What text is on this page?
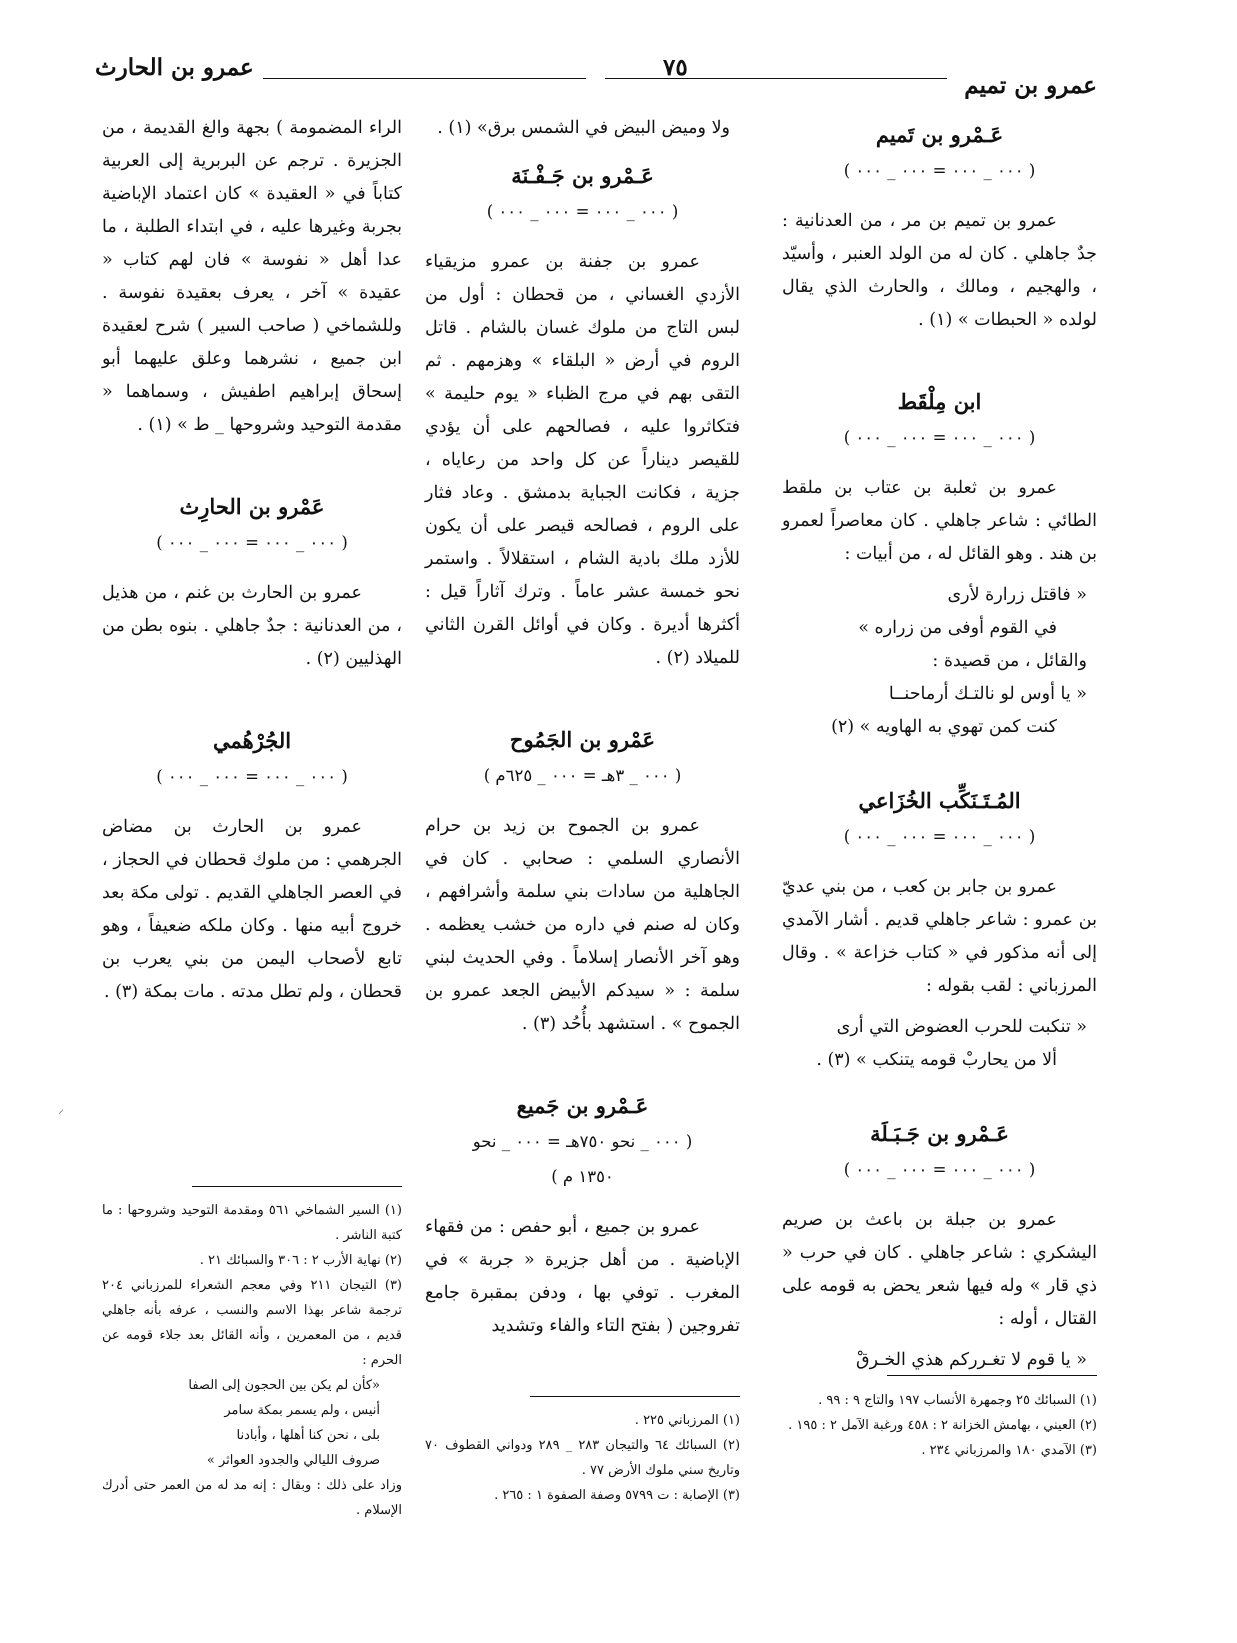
عمرو بن تميم
٧٥
عمرو بن الحارث
عَـمْرو بن تَميم
( ٠٠٠ _ ٠٠٠ = ٠٠٠ _ ٠٠٠ )

عمرو بن تميم بن مر ، من العدنانية : جدٌ جاهلي . كان له من الولد العنبر ، وأسيّد ، والهجيم ، ومالك ، والحارث الذي يقال لولده « الحبطات » (١) .

ابن مِلْقَط
( ٠٠٠ _ ٠٠٠ = ٠٠٠ _ ٠٠٠ )

عمرو بن ثعلبة بن عتاب بن ملقط الطائي : شاعر جاهلي . كان معاصراً لعمرو بن هند . وهو القائل له ، من أبيات :

« فاقتل زرارة لأرى

في القوم أوفى من زراره »

والقائل ، من قصيدة :

« يا أوس لو نالتـك أرماحنــا

كنت كمن تهوي به الهاويه » (٢)

المُـتَـنَكِّب الخُزَاعي
( ٠٠٠ _ ٠٠٠ = ٠٠٠ _ ٠٠٠ )

عمرو بن جابر بن كعب ، من بني عديّ بن عمرو : شاعر جاهلي قديم . أشار الآمدي إلى أنه مذكور في « كتاب خزاعة » . وقال المرزباني : لقب بقوله :

« تنكبت للحرب العضوض التي أرى

ألا من يحاربْ قومه يتنكب » (٣) .

عَـمْرو بن جَـبَـلَة
( ٠٠٠ _ ٠٠٠ = ٠٠٠ _ ٠٠٠ )

عمرو بن جبلة بن باعث بن صريم اليشكري : شاعر جاهلي . كان في حرب « ذي قار » وله فيها شعر يحض به قومه على القتال ، أوله :

« يا قوم لا تغـرركم هذي الخـرقْ

(١) السبائك ٢٥ وجمهرة الأنساب ١٩٧ والتاج ٩ : ٩٩ .

(٢) العيني ، بهامش الخزانة ٢ : ٤٥٨ ورغبة الآمل ٢ : ١٩٥ .

(٣) الآمدي ١٨٠ والمرزباني ٢٣٤ .

ولا وميض البيض في الشمس برق» (١) .

عَـمْرو بن جَـفْـنَة
( ٠٠٠ _ ٠٠٠ = ٠٠٠ _ ٠٠٠ )

عمرو بن جفنة بن عمرو مزيقياء الأزدي الغساني ، من قحطان : أول من لبس التاج من ملوك غسان بالشام . قاتل الروم في أرض « البلقاء » وهزمهم . ثم التقى بهم في مرج الظباء « يوم حليمة » فتكاثروا عليه ، فصالحهم على أن يؤدي للقيصر ديناراً عن كل واحد من رعاياه ، جزية ، فكانت الجباية بدمشق . وعاد فثار على الروم ، فصالحه قيصر على أن يكون للأزد ملك بادية الشام ، استقلالاً . واستمر نحو خمسة عشر عاماً . وترك آثاراً قيل : أكثرها أديرة . وكان في أوائل القرن الثاني للميلاد (٢) .

عَمْرو بن الجَمُوح
( ٠٠٠ _ ٣هـ = ٠٠٠ _ ٦٢٥م )

عمرو بن الجموح بن زيد بن حرام الأنصاري السلمي : صحابي . كان في الجاهلية من سادات بني سلمة وأشرافهم ، وكان له صنم في داره من خشب يعظمه . وهو آخر الأنصار إسلاماً . وفي الحديث لبني سلمة : « سيدكم الأبيض الجعد عمرو بن الجموح » . استشهد بأُحُد (٣) .

عَـمْرو بن جَميع
( ٠٠٠ _ نحو ٧٥٠هـ = ٠٠٠ _ نحو
١٣٥٠ م )

عمرو بن جميع ، أبو حفص : من فقهاء الإباضية . من أهل جزيرة « جربة » في المغرب . توفي بها ، ودفن بمقبرة جامع تفروجين ( بفتح التاء والفاء وتشديد

(١) المرزباني ٢٢٥ .

(٢) السبائك ٦٤ والتيجان ٢٨٣ _ ٢٨٩ ودواني القطوف ٧٠ وتاريخ سني ملوك الأرض ٧٧ .

(٣) الإصابة : ت ٥٧٩٩ وصفة الصفوة ١ : ٢٦٥ .

الراء المضمومة ) بجهة والغ القديمة ، من الجزيرة . ترجم عن البربرية إلى العربية كتاباً في « العقيدة » كان اعتماد الإباضية بجربة وغيرها عليه ، في ابتداء الطلبة ، ما عدا أهل « نفوسة » فان لهم كتاب « عقيدة » آخر ، يعرف بعقيدة نفوسة . وللشماخي ( صاحب السير ) شرح لعقيدة ابن جميع ، نشرهما وعلق عليهما أبو إسحاق إبراهيم اطفيش ، وسماهما « مقدمة التوحيد وشروحها _ ط » (١) .

عَمْرو بن الحارِث
( ٠٠٠ _ ٠٠٠ = ٠٠٠ _ ٠٠٠ )

عمرو بن الحارث بن غنم ، من هذيل ، من العدنانية : جدٌ جاهلي . بنوه بطن من الهذليين (٢) .

الجُرْهُمي
( ٠٠٠ _ ٠٠٠ = ٠٠٠ _ ٠٠٠ )

عمرو بن الحارث بن مضاض الجرهمي : من ملوك قحطان في الحجاز ، في العصر الجاهلي القديم . تولى مكة بعد خروج أبيه منها . وكان ملكه ضعيفاً ، وهو تابع لأصحاب اليمن من بني يعرب بن قحطان ، ولم تطل مدته . مات بمكة (٣) .

(١) السير الشماخي ٥٦١ ومقدمة التوحيد وشروحها : ما كتبة الناشر .

(٢) نهاية الأرب ٢ : ٣٠٦ والسبائك ٢١ .

(٣) التيجان ٢١١ وفي معجم الشعراء للمرزباني ٢٠٤ ترجمة شاعر بهذا الاسم والنسب ، عرفه بأنه جاهلي قديم ، من المعمرين ، وأنه القائل بعد جلاء قومه عن الحرم :

«كأن لم يكن بين الحجون إلى الصفا

أنيس ، ولم يسمر بمكة سامر

بلى ، نحن كنا أهلها ، وأبادنا

صروف الليالي والجدود العواثر »

وزاد على ذلك : وبقال : إنه مد له من العمر حتى أدرك الإسلام .

⸜
